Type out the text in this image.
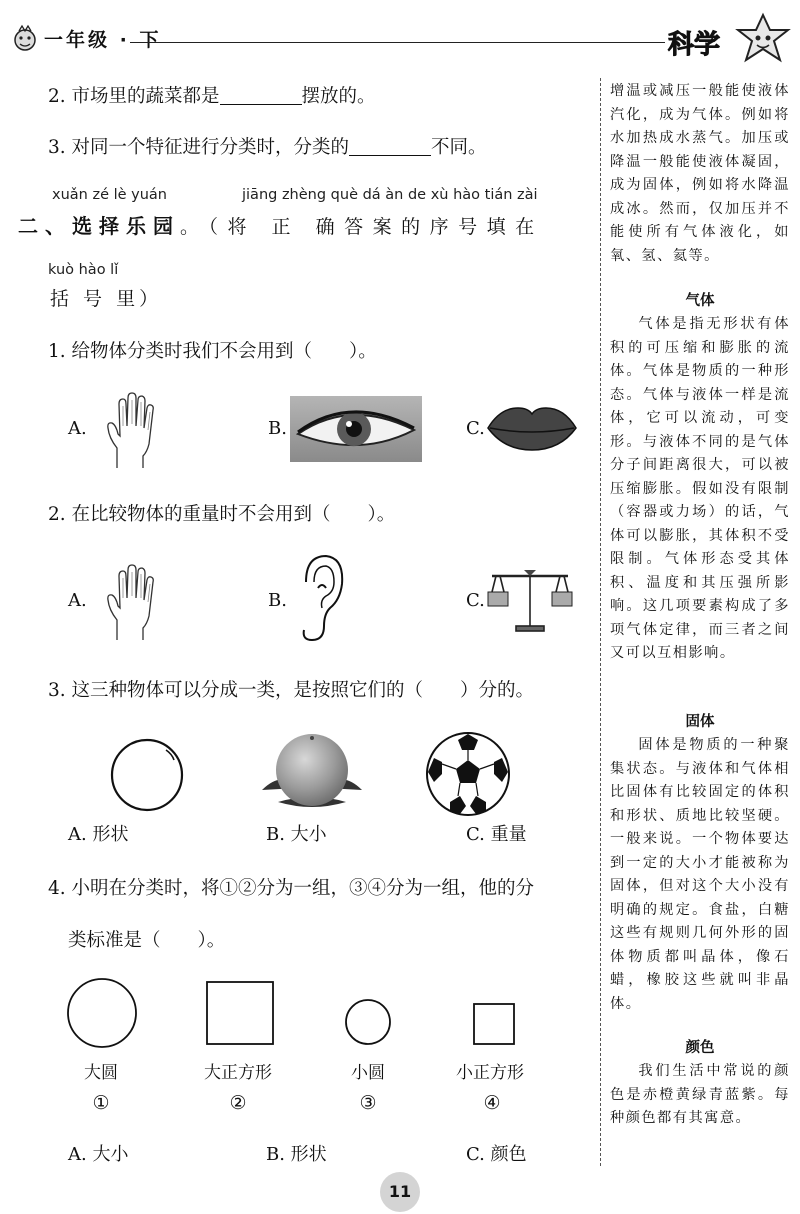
一年级 · 下	科学
2. 市场里的蔬菜都是	摆放的。
3. 对同一个特征进行分类时，分类的	不同。
xuǎn zé lè yuán	jiāng zhèng què dá àn de xù hào tián zài
二、选择乐园。（将 正 确答案的序号填在
kuò hào lǐ
括 号 里）
1. 给物体分类时我们不会用到（　　）。
A.	B.	C.
2. 在比较物体的重量时不会用到（　　）。
A.	B.	C.
3. 这三种物体可以分成一类，是按照它们的（　　）分的。
A. 形状	B. 大小	C. 重量
4. 小明在分类时，将①②分为一组，③④分为一组，他的分
类标准是（　　）。
大圆	大正方形	小圆	小正方形
①	②	③	④
A. 大小	B. 形状	C. 颜色
增温或减压一般能使液体汽化，成为气体。例如将水加热成水蒸气。加压或降温一般能使液体凝固，成为固体，例如将水降温成冰。然而，仅加压并不能使所有气体液化，如氧、氢、氦等。
气体
气体是指无形状有体积的可压缩和膨胀的流体。气体是物质的一种形态。气体与液体一样是流体，它可以流动，可变形。与液体不同的是气体分子间距离很大，可以被压缩膨胀。假如没有限制（容器或力场）的话，气体可以膨胀，其体积不受限制。气体形态受其体积、温度和其压强所影响。这几项要素构成了多项气体定律，而三者之间又可以互相影响。
固体
固体是物质的一种聚集状态。与液体和气体相比固体有比较固定的体积和形状、质地比较坚硬。一般来说。一个物体要达到一定的大小才能被称为固体，但对这个大小没有明确的规定。食盐，白糖这些有规则几何外形的固体物质都叫晶体，像石蜡，橡胶这些就叫非晶体。
颜色
我们生活中常说的颜色是赤橙黄绿青蓝紫。每种颜色都有其寓意。
11
